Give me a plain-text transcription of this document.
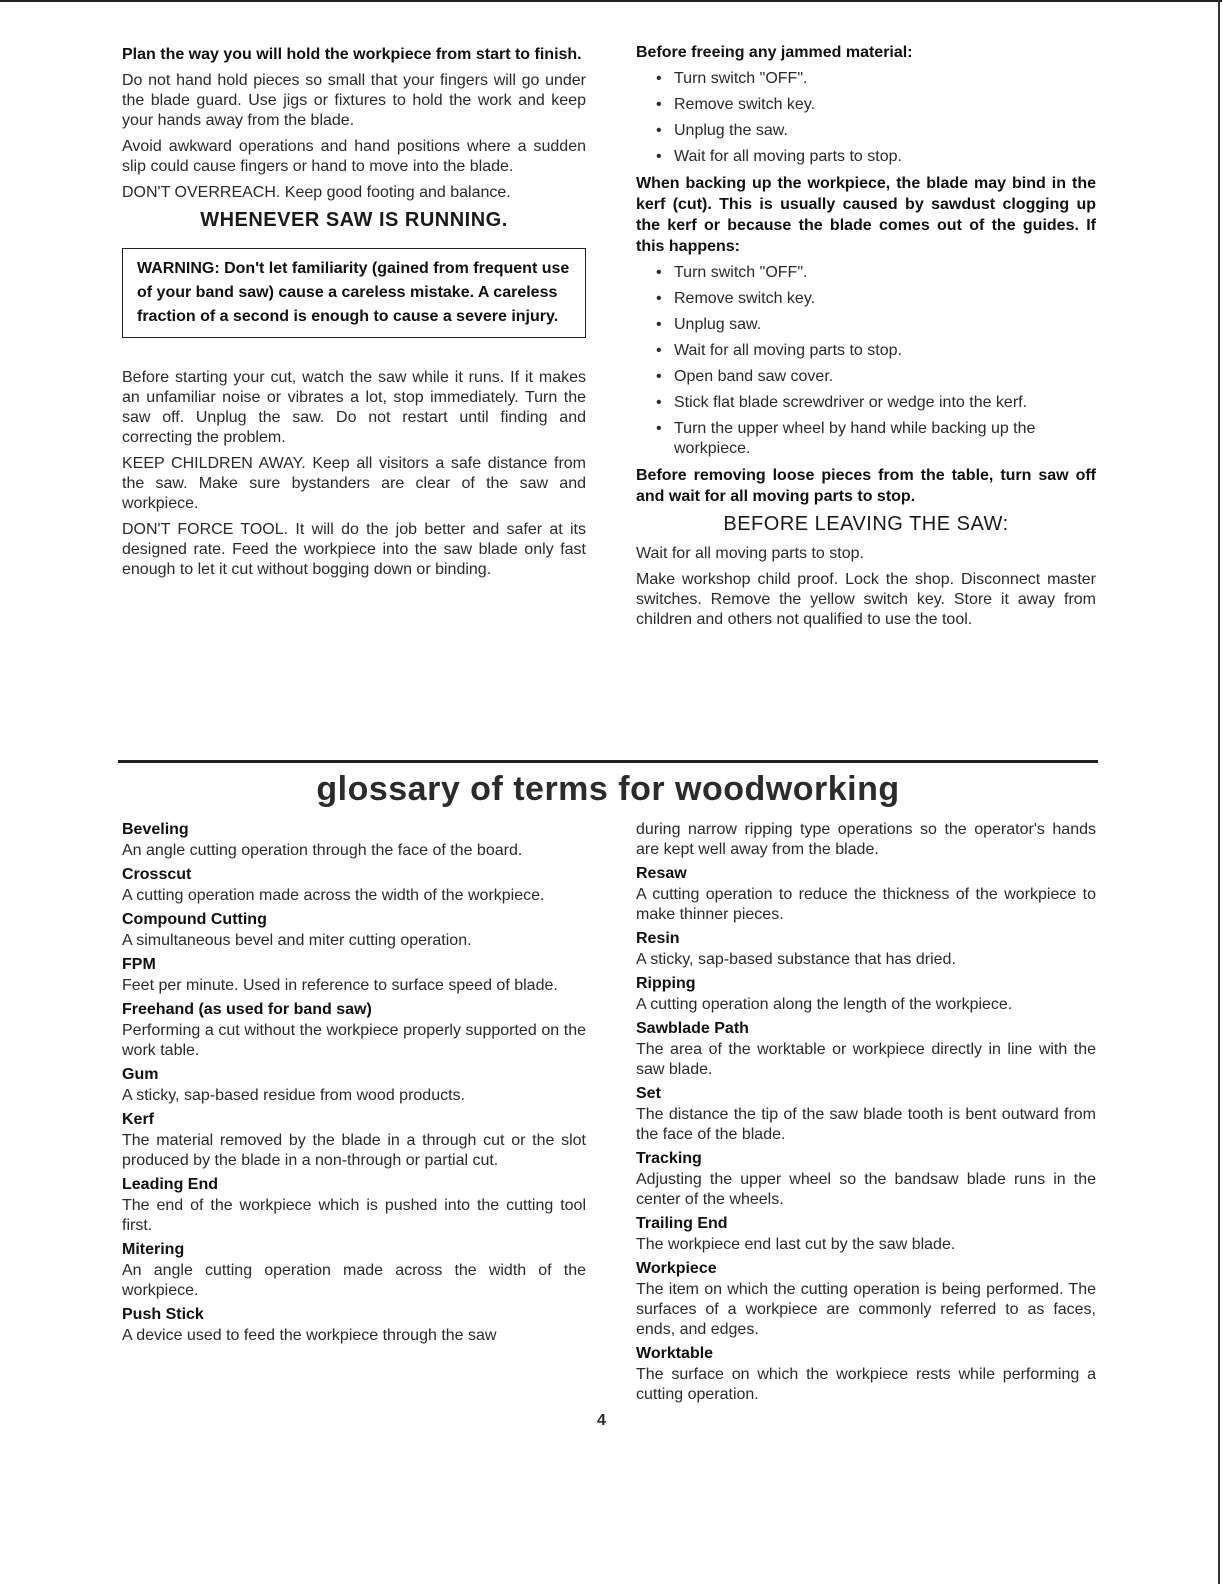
Plan the way you will hold the workpiece from start to finish.

Do not hand hold pieces so small that your fingers will go under the blade guard. Use jigs or fixtures to hold the work and keep your hands away from the blade.

Avoid awkward operations and hand positions where a sudden slip could cause fingers or hand to move into the blade.

DON'T OVERREACH. Keep good footing and balance.

WHENEVER SAW IS RUNNING.

WARNING: Don't let familiarity (gained from frequent use of your band saw) cause a careless mistake. A careless fraction of a second is enough to cause a severe injury.

Before starting your cut, watch the saw while it runs. If it makes an unfamiliar noise or vibrates a lot, stop immediately. Turn the saw off. Unplug the saw. Do not restart until finding and correcting the problem.

KEEP CHILDREN AWAY. Keep all visitors a safe distance from the saw. Make sure bystanders are clear of the saw and workpiece.

DON'T FORCE TOOL. It will do the job better and safer at its designed rate. Feed the workpiece into the saw blade only fast enough to let it cut without bogging down or binding.

Before freeing any jammed material:

• Turn switch "OFF".
• Remove switch key.
• Unplug the saw.
• Wait for all moving parts to stop.

When backing up the workpiece, the blade may bind in the kerf (cut). This is usually caused by sawdust clogging up the kerf or because the blade comes out of the guides. If this happens:

• Turn switch "OFF".
• Remove switch key.
• Unplug saw.
• Wait for all moving parts to stop.
• Open band saw cover.
• Stick flat blade screwdriver or wedge into the kerf.
• Turn the upper wheel by hand while backing up the workpiece.

Before removing loose pieces from the table, turn saw off and wait for all moving parts to stop.

BEFORE LEAVING THE SAW:

Wait for all moving parts to stop.

Make workshop child proof. Lock the shop. Disconnect master switches. Remove the yellow switch key. Store it away from children and others not qualified to use the tool.

glossary of terms for woodworking
Beveling

An angle cutting operation through the face of the board.

Crosscut

A cutting operation made across the width of the workpiece.

Compound Cutting

A simultaneous bevel and miter cutting operation.

FPM

Feet per minute. Used in reference to surface speed of blade.

Freehand (as used for band saw)

Performing a cut without the workpiece properly supported on the work table.

Gum

A sticky, sap-based residue from wood products.

Kerf

The material removed by the blade in a through cut or the slot produced by the blade in a non-through or partial cut.

Leading End

The end of the workpiece which is pushed into the cutting tool first.

Mitering

An angle cutting operation made across the width of the workpiece.

Push Stick

A device used to feed the workpiece through the saw

during narrow ripping type operations so the operator's hands are kept well away from the blade.

Resaw

A cutting operation to reduce the thickness of the workpiece to make thinner pieces.

Resin

A sticky, sap-based substance that has dried.

Ripping

A cutting operation along the length of the workpiece.

Sawblade Path

The area of the worktable or workpiece directly in line with the saw blade.

Set

The distance the tip of the saw blade tooth is bent outward from the face of the blade.

Tracking

Adjusting the upper wheel so the bandsaw blade runs in the center of the wheels.

Trailing End

The workpiece end last cut by the saw blade.

Workpiece

The item on which the cutting operation is being performed. The surfaces of a workpiece are commonly referred to as faces, ends, and edges.

Worktable

The surface on which the workpiece rests while performing a cutting operation.

4
